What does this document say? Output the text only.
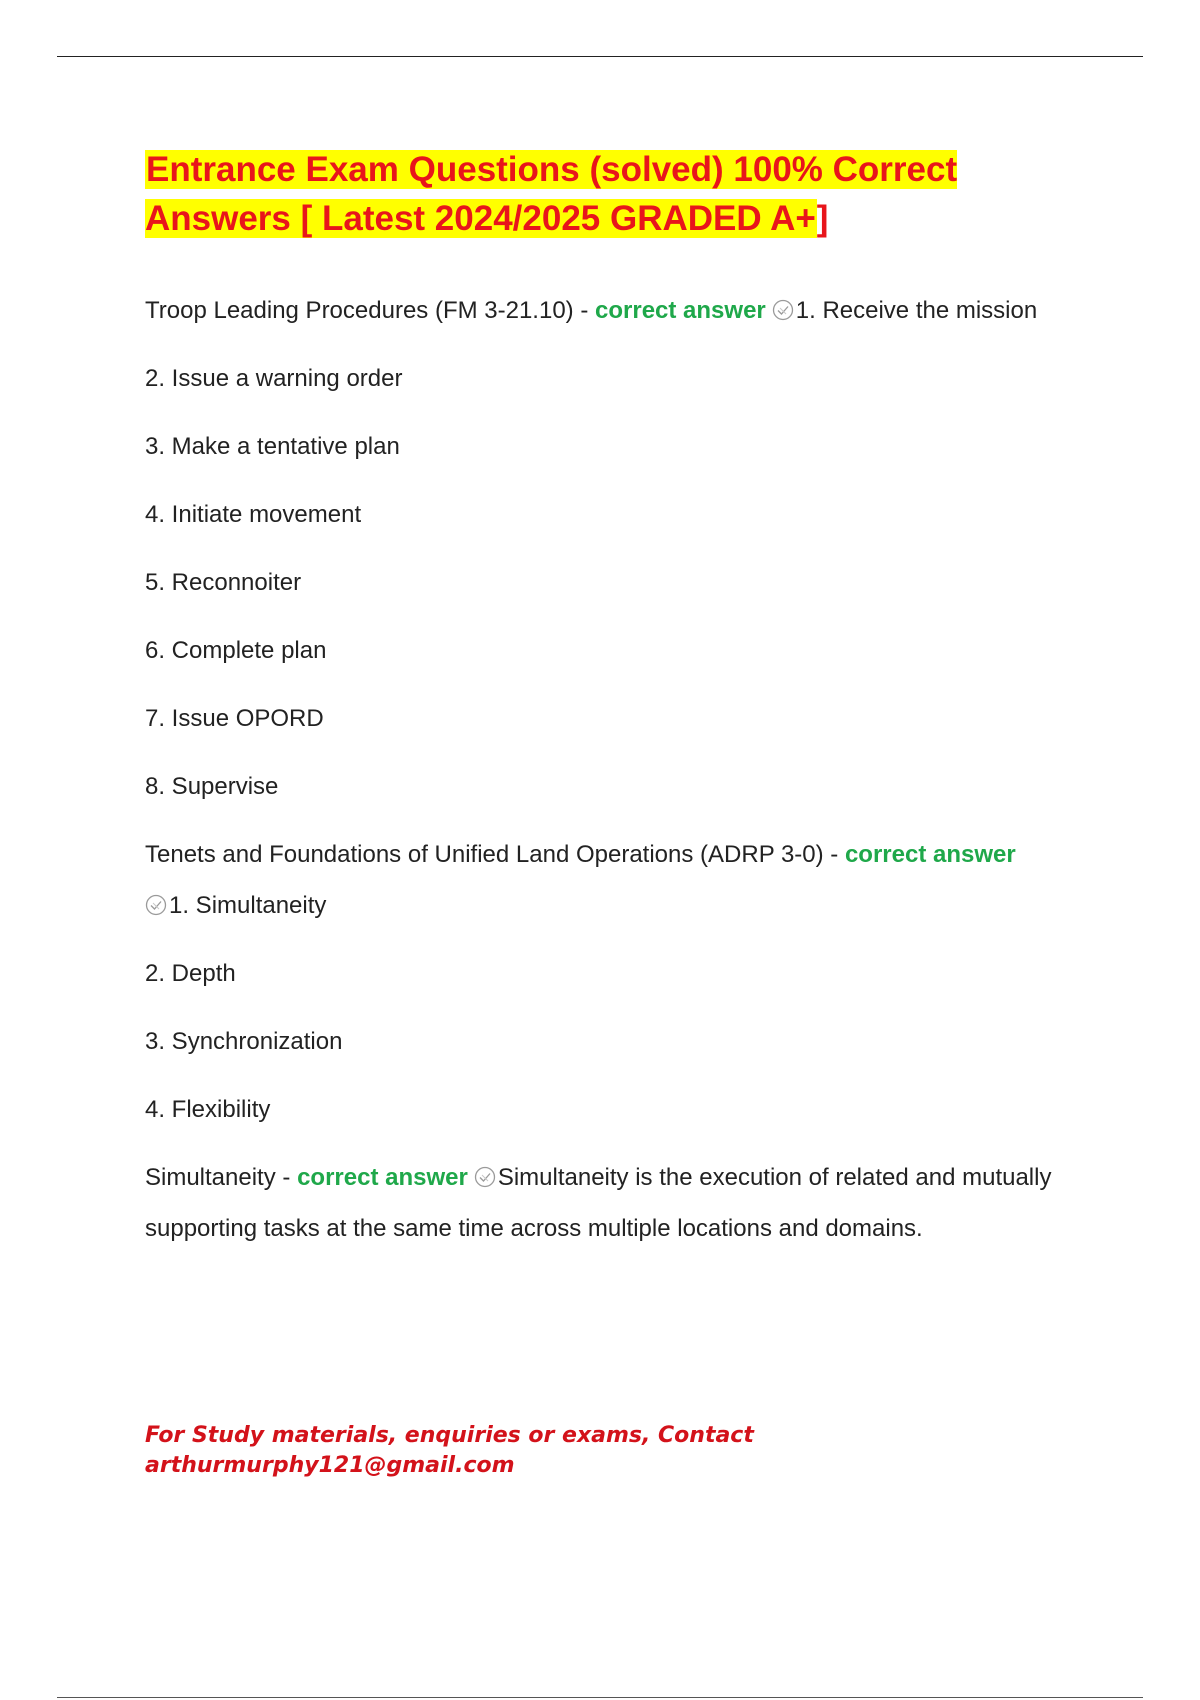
Entrance Exam Questions (solved) 100% Correct Answers [ Latest 2024/2025 GRADED A+]

Troop Leading Procedures (FM 3-21.10) - correct answer 1. Receive the mission

2. Issue a warning order

3. Make a tentative plan

4. Initiate movement

5. Reconnoiter

6. Complete plan

7. Issue OPORD

8. Supervise

Tenets and Foundations of Unified Land Operations (ADRP 3-0) - correct answer

1. Simultaneity

2. Depth

3. Synchronization

4. Flexibility

Simultaneity - correct answer Simultaneity is the execution of related and mutually supporting tasks at the same time across multiple locations and domains.

For Study materials, enquiries or exams, Contact
arthurmurphy121@gmail.com
